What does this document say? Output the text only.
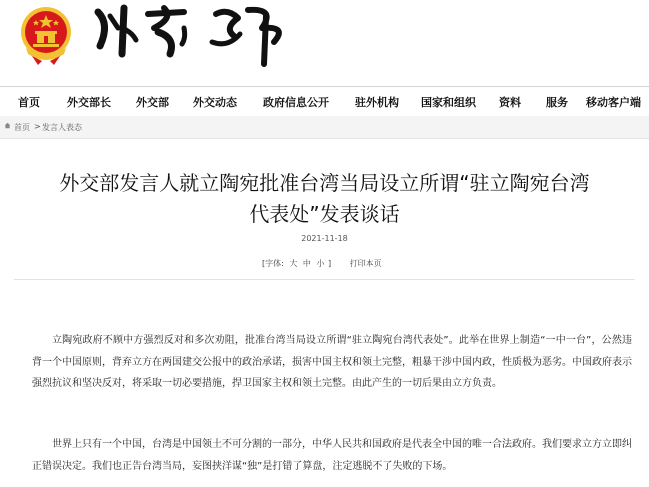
首页 外交部长 外交部 外交动态 政府信息公开 驻外机构 国家和组织 资料 服务 移动客户端
首页 > 发言人表态
外交部发言人就立陶宛批准台湾当局设立所谓“驻立陶宛台湾
代表处”发表谈话
2021-11-18
[字体: 大 中 小 ] 打印本页

立陶宛政府不顾中方强烈反对和多次劝阻，批准台湾当局设立所谓“驻立陶宛台湾代表处”。此举在世界上制造“一中一台”，公然违背一个中国原则，背弃立方在两国建交公报中的政治承诺，损害中国主权和领土完整，粗暴干涉中国内政，性质极为恶劣。中国政府表示强烈抗议和坚决反对，将采取一切必要措施，捍卫国家主权和领土完整。由此产生的一切后果由立方负责。

世界上只有一个中国，台湾是中国领土不可分割的一部分，中华人民共和国政府是代表全中国的唯一合法政府。我们要求立方立即纠正错误决定。我们也正告台湾当局，妄图挟洋谋“独”是打错了算盘，注定逃脱不了失败的下场。
